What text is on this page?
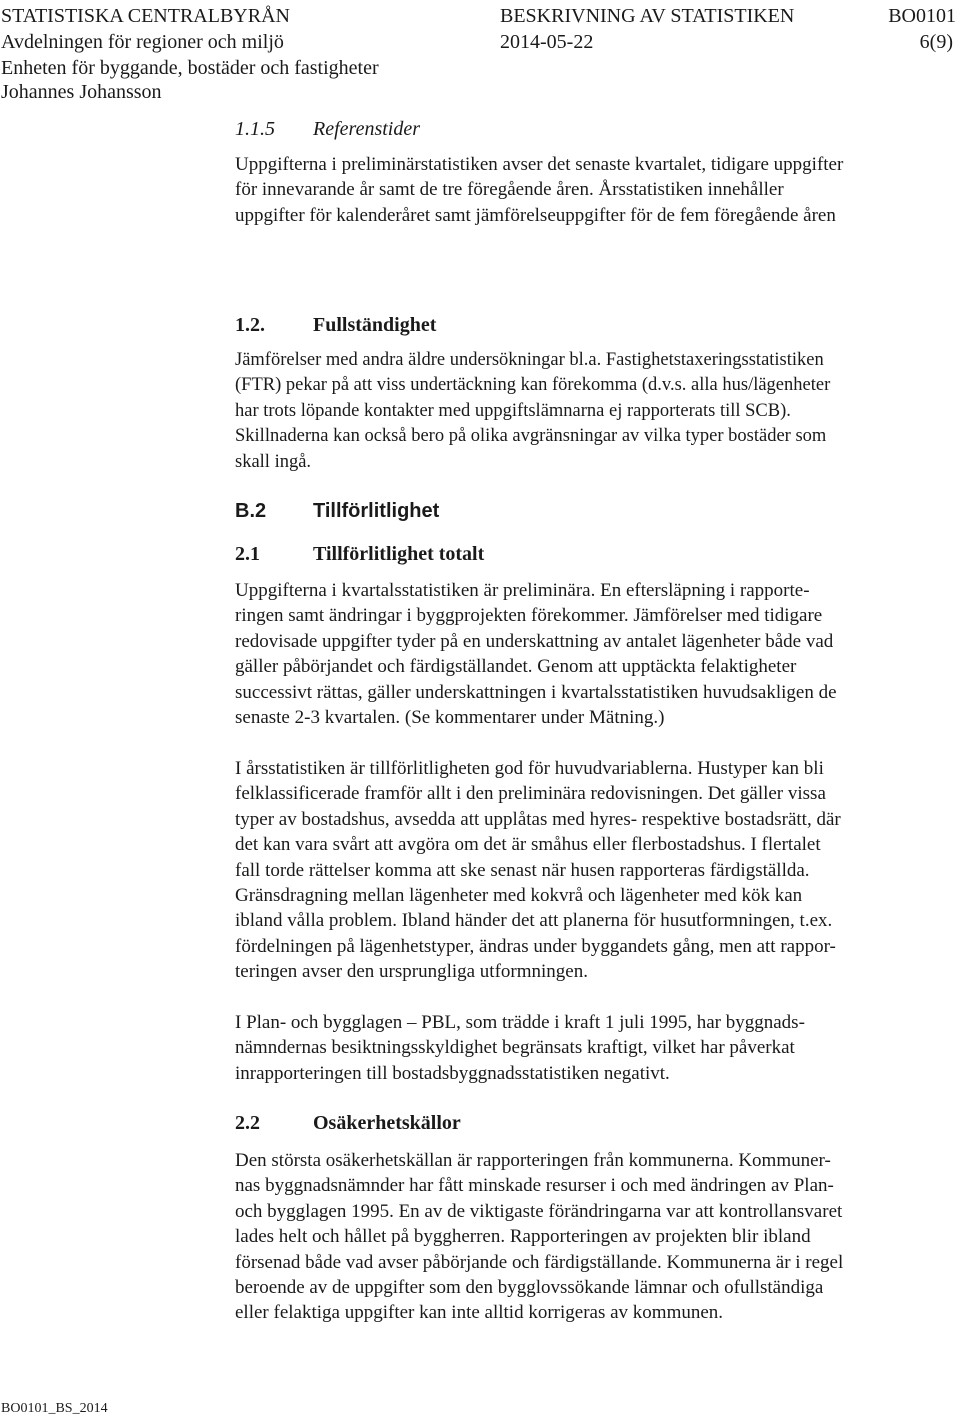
STATISTISKA CENTRALBYRÅN	BESKRIVNING AV STATISTIKEN	BO0101
Avdelningen för regioner och miljö	2014-05-22	6(9)
Enheten för byggande, bostäder och fastigheter
Johannes Johansson
1.1.5 Referenstider
Uppgifterna i preliminärstatistiken avser det senaste kvartalet, tidigare uppgifter
för innevarande år samt de tre föregående åren. Årsstatistiken innehåller
uppgifter för kalenderåret samt jämförelseuppgifter för de fem föregående åren
1.2. Fullständighet
Jämförelser med andra äldre undersökningar bl.a. Fastighetstaxeringsstatistiken
(FTR) pekar på att viss undertäckning kan förekomma (d.v.s. alla hus/lägenheter
har trots löpande kontakter med uppgiftslämnarna ej rapporterats till SCB).
Skillnaderna kan också bero på olika avgränsningar av vilka typer bostäder som
skall ingå.
B.2 Tillförlitlighet
2.1	Tillförlitlighet totalt
Uppgifterna i kvartalsstatistiken är preliminära. En eftersläpning i rapporte-
ringen samt ändringar i byggprojekten förekommer. Jämförelser med tidigare
redovisade uppgifter tyder på en underskattning av antalet lägenheter både vad
gäller påbörjandet och färdigställandet. Genom att upptäckta felaktigheter
successivt rättas, gäller underskattningen i kvartalsstatistiken huvudsakligen de
senaste 2-3 kvartalen. (Se kommentarer under Mätning.)
I årsstatistiken är tillförlitligheten god för huvudvariablerna. Hustyper kan bli
felklassificerade framför allt i den preliminära redovisningen. Det gäller vissa
typer av bostadshus, avsedda att upplåtas med hyres- respektive bostadsrätt, där
det kan vara svårt att avgöra om det är småhus eller flerbostadshus. I flertalet
fall torde rättelser komma att ske senast när husen rapporteras färdigställda.
Gränsdragning mellan lägenheter med kokvrå och lägenheter med kök kan
ibland vålla problem. Ibland händer det att planerna för husutformningen, t.ex.
fördelningen på lägenhetstyper, ändras under byggandets gång, men att rappor-
teringen avser den ursprungliga utformningen.
I Plan- och bygglagen – PBL, som trädde i kraft 1 juli 1995, har byggnads-
nämndernas besiktningsskyldighet begränsats kraftigt, vilket har påverkat
inrapporteringen till bostadsbyggnadsstatistiken negativt.
2.2	Osäkerhetskällor
Den största osäkerhetskällan är rapporteringen från kommunerna. Kommuner-
nas byggnadsnämnder har fått minskade resurser i och med ändringen av Plan-
och bygglagen 1995. En av de viktigaste förändringarna var att kontrollansvaret
lades helt och hållet på byggherren. Rapporteringen av projekten blir ibland
försenad både vad avser påbörjande och färdigställande. Kommunerna är i regel
beroende av de uppgifter som den bygglovssökande lämnar och ofullständiga
eller felaktiga uppgifter kan inte alltid korrigeras av kommunen.
BO0101_BS_2014
